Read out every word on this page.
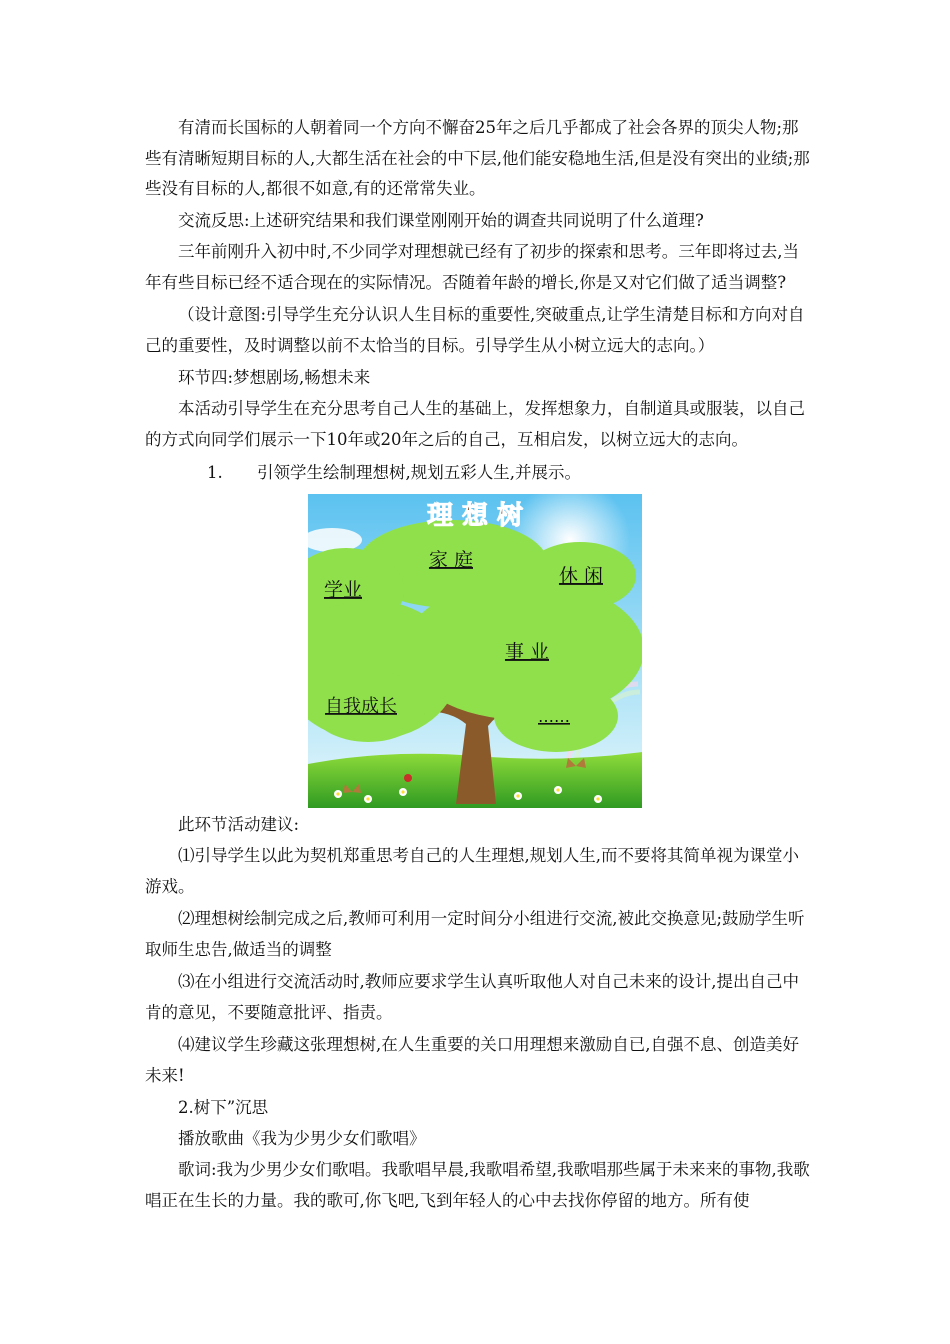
有清而长国标的人朝着同一个方向不懈奋25年之后几乎都成了社会各界的顶尖人物;那些有清晰短期目标的人,大都生活在社会的中下层,他们能安稳地生活,但是没有突出的业绩;那些没有目标的人,都很不如意,有的还常常失业。

交流反思:上述研究结果和我们课堂刚刚开始的调查共同说明了什么道理?

三年前刚升入初中时,不少同学对理想就已经有了初步的探索和思考。三年即将过去,当年有些目标已经不适合现在的实际情况。否随着年龄的增长,你是又对它们做了适当调整?

（设计意图:引导学生充分认识人生目标的重要性,突破重点,让学生清楚目标和方向对自己的重要性，及时调整以前不太恰当的目标。引导学生从小树立远大的志向。）

环节四:梦想剧场,畅想未来

本活动引导学生在充分思考自己人生的基础上，发挥想象力，自制道具或服装，以自己的方式向同学们展示一下10年或20年之后的自己，互相启发，以树立远大的志向。

1. 引领学生绘制理想树,规划五彩人生,并展示。
理 想 树
家 庭
学业
休 闲
事 业
自我成长	……

此环节活动建议:

⑴引导学生以此为契机郑重思考自己的人生理想,规划人生,而不要将其简单视为课堂小游戏。

⑵理想树绘制完成之后,教师可利用一定时间分小组进行交流,被此交换意见;鼓励学生听取师生忠告,做适当的调整

⑶在小组进行交流活动时,教师应要求学生认真听取他人对自己未来的设计,提出自己中肯的意见，不要随意批评、指责。

⑷建议学生珍藏这张理想树,在人生重要的关口用理想来激励自已,自强不息、创造美好未来!

2.树下”沉思

播放歌曲《我为少男少女们歌唱》

歌词:我为少男少女们歌唱。我歌唱早晨,我歌唱希望,我歌唱那些属于未来来的事物,我歌唱正在生长的力量。我的歌可,你飞吧,飞到年轻人的心中去找你停留的地方。所有使
